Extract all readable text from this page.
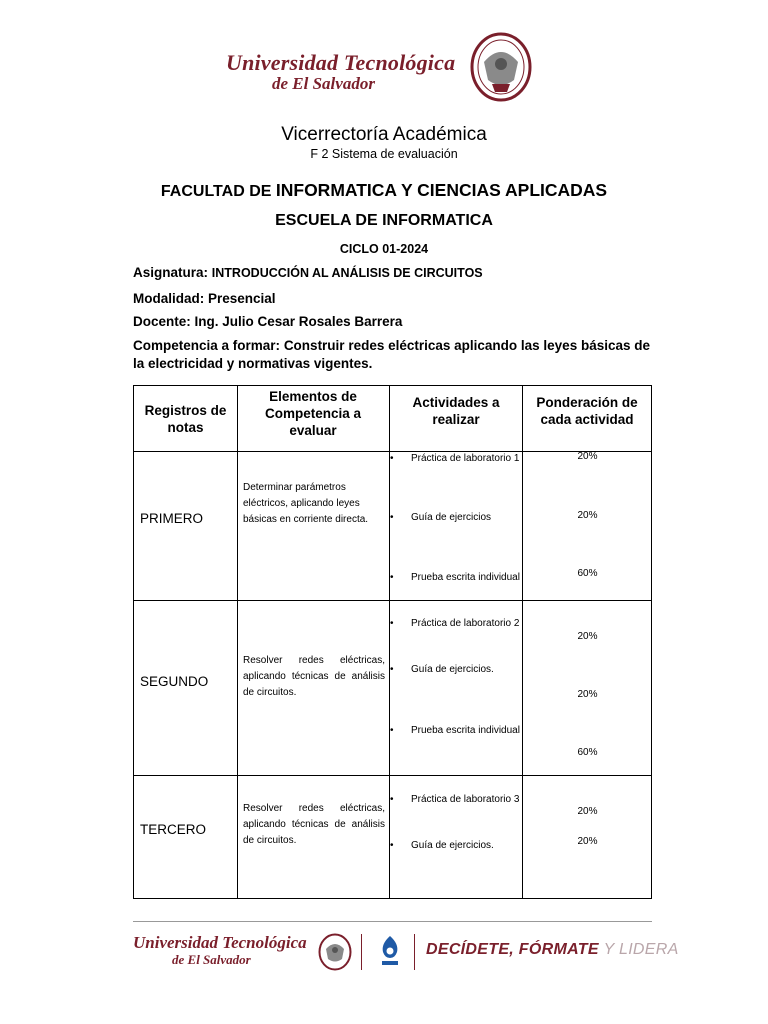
Universidad Tecnológica
de El Salvador
Vicerrectoría Académica
F 2 Sistema de evaluación
FACULTAD DE INFORMATICA Y CIENCIAS APLICADAS
ESCUELA DE INFORMATICA
CICLO 01-2024
Asignatura: INTRODUCCIÓN AL ANÁLISIS DE CIRCUITOS
Modalidad: Presencial
Docente: Ing. Julio Cesar Rosales Barrera
Competencia a formar: Construir redes eléctricas aplicando las leyes básicas de la electricidad y normativas vigentes.
Registros de notas
Elementos de Competencia a evaluar
Actividades a realizar
Ponderación de cada actividad
PRIMERO
Determinar parámetros eléctricos, aplicando leyes básicas en corriente directa.
• Práctica de laboratorio 1
• Guía de ejercicios
• Prueba escrita individual
20%
20%
60%
SEGUNDO
Resolver redes eléctricas, aplicando técnicas de análisis de circuitos.
• Práctica de laboratorio 2
• Guía de ejercicios.
• Prueba escrita individual
20%
20%
60%
TERCERO
Resolver redes eléctricas, aplicando técnicas de análisis de circuitos.
• Práctica de laboratorio 3
• Guía de ejercicios.
20%
20%
Universidad Tecnológica
de El Salvador
DECÍDETE, FÓRMATE Y LIDERA
